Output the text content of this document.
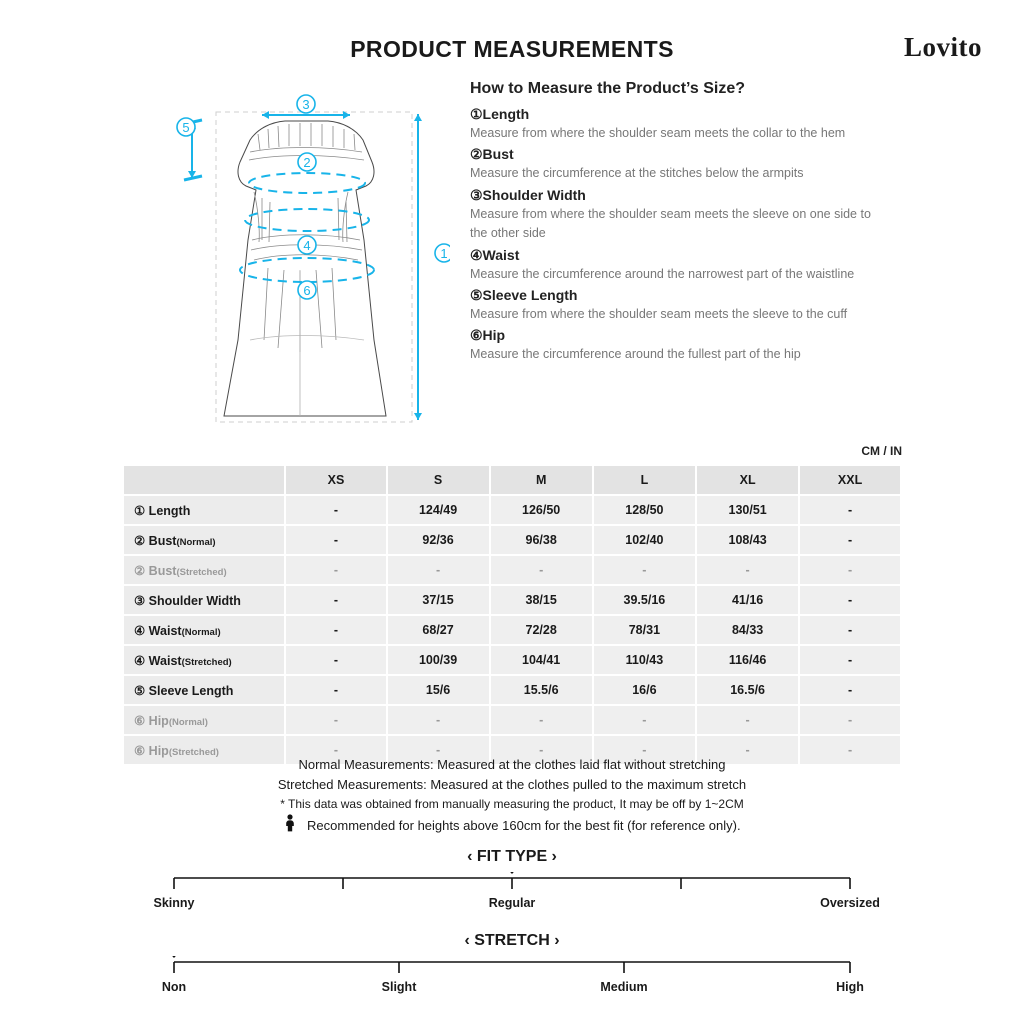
PRODUCT MEASUREMENTS	Lovito
3
5
2
4
6
1
How to Measure the Product’s Size?
①Length
Measure from where the shoulder seam meets the collar to the hem
②Bust
Measure the circumference at the stitches below the armpits
③Shoulder Width
Measure from where the shoulder seam meets the sleeve on one side to the other side
④Waist
Measure the circumference around the narrowest part of the waistline
⑤Sleeve Length
Measure from where the shoulder seam meets the sleeve to the cuff
⑥Hip
Measure the circumference around the fullest part of the hip
CM / IN
	XS	S	M	L	XL	XXL
① Length	-	124/49	126/50	128/50	130/51	-
② Bust(Normal)	-	92/36	96/38	102/40	108/43	-
② Bust(Stretched)	-	-	-	-	-	-
③ Shoulder Width	-	37/15	38/15	39.5/16	41/16	-
④ Waist(Normal)	-	68/27	72/28	78/31	84/33	-
④ Waist(Stretched)	-	100/39	104/41	110/43	116/46	-
⑤ Sleeve Length	-	15/6	15.5/6	16/6	16.5/6	-
⑥ Hip(Normal)	-	-	-	-	-	-
⑥ Hip(Stretched)	-	-	-	-	-	-
Normal Measurements: Measured at the clothes laid flat without stretching
Stretched Measurements: Measured at the clothes pulled to the maximum stretch
* This data was obtained from manually measuring the product, It may be off by 1~2CM
Recommended for heights above 160cm for the best fit (for reference only).
‹ FIT TYPE ›
Skinny	Regular	Oversized
‹ STRETCH ›
Non	Slight	Medium	High
